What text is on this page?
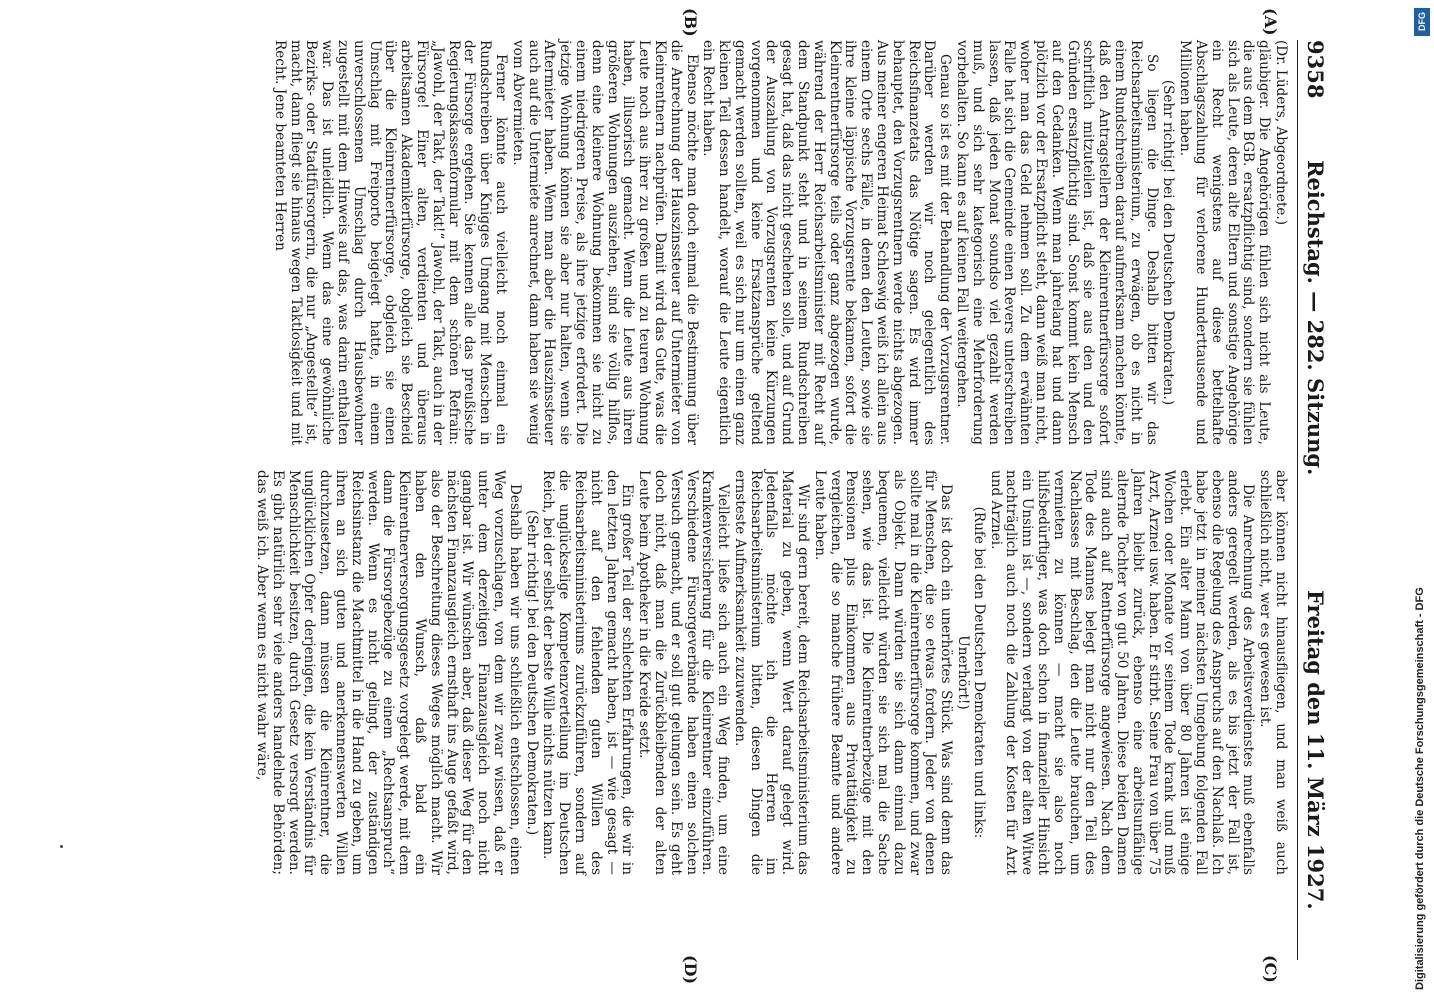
9358
Reichstag. — 282. Sitzung.
Freitag den 11. März 1927.
(A)
(B)
(C)
(D)

(Dr. Lüders, Abgeordnete.)

gläubiger. Die Angehörigen fühlen sich nicht als Leute, die aus dem BGB. ersatzpflichtig sind, sondern sie fühlen sich als Leute, deren alte Eltern und sonstige Angehörige ein Recht wenigstens auf diese bettelhafte Abschlagszahlung für verlorene Hunderttausende und Millionen haben.

(Sehr richtig! bei den Deutschen Demokraten.)

So liegen die Dinge. Deshalb bitten wir das Reichsarbeitsministerium, zu erwägen, ob es nicht in einem Rundschreiben darauf aufmerksam machen könnte, daß den Antragstellern der Kleinrentnerfürsorge sofort schriftlich mitzuteilen ist, daß sie aus den und den Gründen ersatzpflichtig sind. Sonst kommt kein Mensch auf den Gedanken. Wenn man jahrelang hat und dann plötzlich vor der Ersatzpflicht steht, dann weiß man nicht, woher man das Geld nehmen soll. Zu dem erwähnten Falle hat sich die Gemeinde einen Revers unterschreiben lassen, daß jeden Monat soundso viel gezahlt werden muß, und sich sehr kategorisch eine Mehrforderung vorbehalten. So kann es auf keinen Fall weitergehen.

Genau so ist es mit der Behandlung der Vorzugsrentner. Darüber werden wir noch gelegentlich des Reichsfinanzetats das Nötige sagen. Es wird immer behauptet, den Vorzugsrentnern werde nichts abgezogen. Aus meiner engeren Heimat Schleswig weiß ich allein aus einem Orte sechs Fälle, in denen den Leuten, sowie sie ihre kleine läppische Vorzugsrente bekamen, sofort die Kleinrentnerfürsorge teils oder ganz abgezogen wurde, während der Herr Reichsarbeitsminister mit Recht auf dem Standpunkt steht und in seinem Rundschreiben gesagt hat, daß das nicht geschehen solle, und auf Grund der Auszahlung von Vorzugsrenten keine Kürzungen vorgenommen und keine Ersatzansprüche geltend gemacht werden sollten, weil es sich nur um einen ganz kleinen Teil dessen handelt, worauf die Leute eigentlich ein Recht haben.

Ebenso möchte man doch einmal die Bestimmung über die Anrechnung der Hauszinssteuer auf Untermieter von Kleinrentnern nachprüfen. Damit wird das Gute, was die Leute noch aus ihrer zu großen und zu teuren Wohnung haben, illusorisch gemacht. Wenn die Leute aus ihren größeren Wohnungen ausziehen, sind sie völlig hilflos, denn eine kleinere Wohnung bekommen sie nicht zu einem niedrigeren Preise, als ihre jetzige erfordert. Die jetzige Wohnung können sie aber nur halten, wenn sie Aftermieter haben. Wenn man aber die Hauszinssteuer auch auf die Untermiete anrechnet, dann haben sie wenig vom Abvermieten.

Ferner könnte auch vielleicht noch einmal ein Rundschreiben über Knigges Umgang mit Menschen in der Fürsorge ergehen. Sie kennen alle das preußische Regierungskassenformular mit dem schönen Refrain: „Jawohl, der Takt, der Takt!“ Jawohl, der Takt, auch in der Fürsorge! Einer alten, verdienten und überaus arbeitsamen Akademikerfürsorge, obgleich sie Bescheid über die Kleinrentnerfürsorge, obgleich sie einen Umschlag mit Freiporto beigelegt hatte, in einem unverschlossenen Umschlag durch Hausbewohner zugestellt mit dem Hinweis auf das, was darin enthalten war. Das ist unleidlich. Wenn das eine gewöhnliche Bezirks- oder Stadtfürsorgerin, die nur „Angestellte“ ist, macht, dann fliegt sie hinaus wegen Taktlosigkeit und mit Recht. Jene beamteten Herren

aber können nicht hinausfliegen, und man weiß auch schließlich nicht, wer es gewesen ist.

Die Anrechnung des Arbeitsverdienstes muß ebenfalls anders geregelt werden, als es bis jetzt der Fall ist, ebenso die Regelung des Anspruchs auf den Nachlaß. Ich habe jetzt in meiner nächsten Umgebung folgenden Fall erlebt. Ein alter Mann von über 80 Jahren ist einige Wochen oder Monate vor seinem Tode krank und muß Arzt, Arznei usw. haben. Er stirbt. Seine Frau von über 75 Jahren bleibt zurück, ebenso eine arbeitsunfähige alternde Tochter von gut 50 Jahren. Diese beiden Damen sind auch auf Rentnerfürsorge angewiesen. Nach dem Tode des Mannes belegt man nicht nur den Teil des Nachlasses mit Beschlag, den die Leute brauchen, um vermieten zu können — macht sie also noch hilfsbedürftiger, was doch schon in finanzieller Hinsicht ein Unsinn ist —, sondern verlangt von der alten Witwe nachträglich auch noch die Zahlung der Kosten für Arzt und Arznei.

(Rufe bei den Deutschen Demokraten und links: Unerhört!)

Das ist doch ein unerhörtes Stück. Was sind denn das für Menschen, die so etwas fordern. Jeder von denen sollte mal in die Kleinrentnerfürsorge kommen, und zwar als Objekt. Dann würden sie sich dann einmal dazu bequemen, vielleicht würden sie sich mal die Sache sehen, wie das ist. Die Kleinrentnerbezüge mit den Pensionen plus Einkommen aus Privattätigkeit zu vergleichen, die so manche frühere Beamte und andere Leute haben.

Wir sind gern bereit, dem Reichsarbeitsministerium das Material zu geben, wenn Wert darauf gelegt wird. Jedenfalls möchte ich die Herren im Reichsarbeitsministerium bitten, diesen Dingen die ernsteste Aufmerksamkeit zuzuwenden.

Vielleicht ließe sich auch ein Weg finden, um eine Krankenversicherung für die Kleinrentner einzuführen. Verschiedene Fürsorgeverbände haben einen solchen Versuch gemacht, und er soll gut gelungen sein. Es geht doch nicht, daß man die Zurückbleibenden der alten Leute beim Apotheker in die Kreide setzt.

Ein großer Teil der schlechten Erfahrungen, die wir in den letzten Jahren gemacht haben, ist — wie gesagt — nicht auf den fehlenden guten Willen des Reichsarbeitsministeriums zurückzuführen, sondern auf die unglückselige Kompetenzverteilung im Deutschen Reich, bei der selbst der beste Wille nichts nützen kann.

(Sehr richtig! bei den Deutschen Demokraten.)

Deshalb haben wir uns schließlich entschlossen, einen Weg vorzuschlagen, von dem wir zwar wissen, daß er unter dem derzeitigen Finanzausgleich noch nicht gangbar ist. Wir wünschen aber, daß dieser Weg für den nächsten Finanzausgleich ernsthaft ins Auge gefaßt wird, also der Beschreitung dieses Weges möglich macht. Wir haben den Wunsch, daß bald ein Kleinrentnerversorgungsgesetz vorgelegt werde, mit dem dann die Fürsorgebezüge zu einem „Rechtsanspruch“ werden. Wenn es nicht gelingt, der zuständigen Reichsinstanz die Machtmittel in die Hand zu geben, um ihren an sich guten und anerkennenswerten Willen durchzusetzen, dann müssen die Kleinrentner, die unglücklichen Opfer derjenigen, die kein Verständnis für Menschlichkeit besitzen, durch Gesetz versorgt werden. Es gibt natürlich sehr viele anders handelnde Behörden; das weiß ich. Aber wenn es nicht wahr wäre,

DFG
Digitalisierung gefördert durch die Deutsche Forschungsgemeinschaft - DFG
